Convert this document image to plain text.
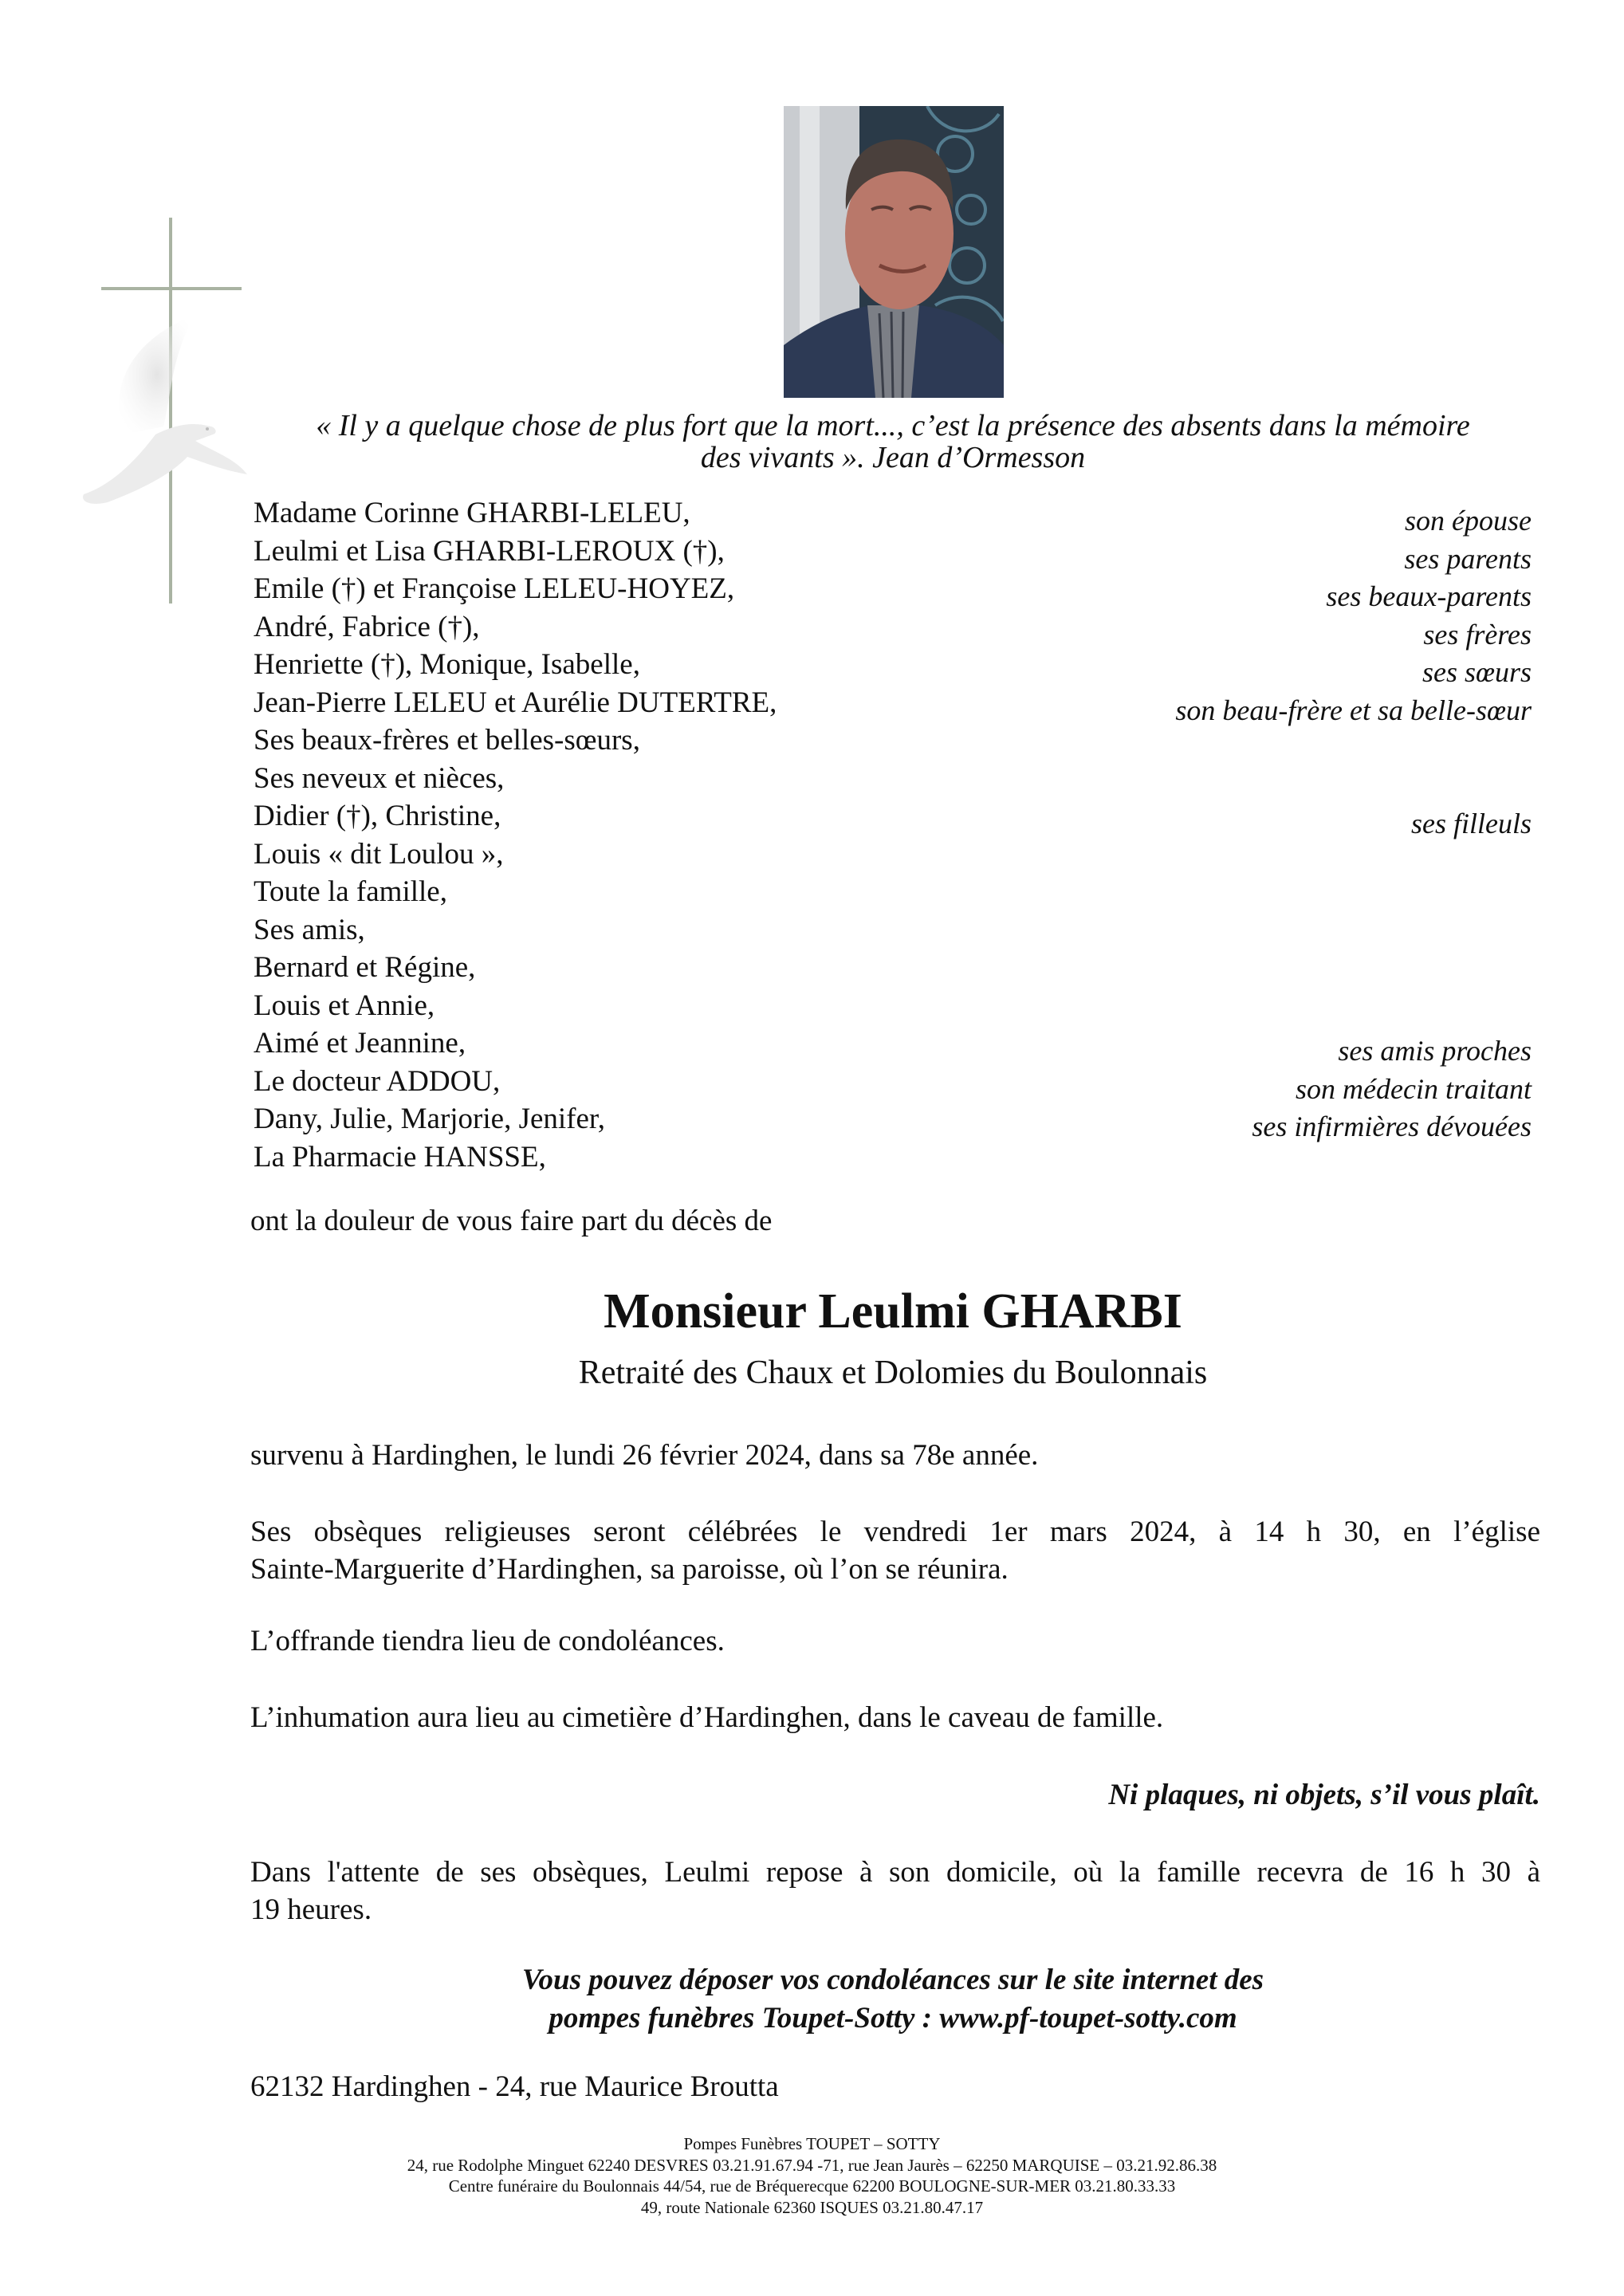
« Il y a quelque chose de plus fort que la mort..., c’est la présence des absents dans la mémoire
des vivants ». Jean d’Ormesson
Madame Corinne GHARBI-LELEU,
Leulmi et Lisa GHARBI-LEROUX (†),
Emile (†) et Françoise LELEU-HOYEZ,
André, Fabrice (†),
Henriette (†), Monique, Isabelle,
Jean-Pierre LELEU et Aurélie DUTERTRE,
Ses beaux-frères et belles-sœurs,
Ses neveux et nièces,
Didier (†), Christine,
Louis « dit Loulou »,
Toute la famille,
Ses amis,
Bernard et Régine,
Louis et Annie,
Aimé et Jeannine,
Le docteur ADDOU,
Dany, Julie, Marjorie, Jenifer,
La Pharmacie HANSSE,
son épouse
ses parents
ses beaux-parents
ses frères
ses sœurs
son beau-frère et sa belle-sœur
ses filleuls
ses amis proches
son médecin traitant
ses infirmières dévouées
ont la douleur de vous faire part du décès de
Monsieur Leulmi GHARBI
Retraité des Chaux et Dolomies du Boulonnais
survenu à Hardinghen, le lundi 26 février 2024, dans sa 78e année.
Ses obsèques religieuses seront célébrées le vendredi 1er mars 2024, à 14 h 30, en l’église
Sainte-Marguerite d’Hardinghen, sa paroisse, où l’on se réunira.
L’offrande tiendra lieu de condoléances.
L’inhumation aura lieu au cimetière d’Hardinghen, dans le caveau de famille.
Ni plaques, ni objets, s’il vous plaît.
Dans l'attente de ses obsèques, Leulmi repose à son domicile, où la famille recevra de 16 h 30 à
19 heures.
Vous pouvez déposer vos condoléances sur le site internet des
pompes funèbres Toupet-Sotty : www.pf-toupet-sotty.com
62132 Hardinghen - 24, rue Maurice Broutta
Pompes Funèbres TOUPET – SOTTY
24, rue Rodolphe Minguet 62240 DESVRES 03.21.91.67.94 -71, rue Jean Jaurès – 62250 MARQUISE – 03.21.92.86.38
Centre funéraire du Boulonnais 44/54, rue de Bréquerecque 62200 BOULOGNE-SUR-MER 03.21.80.33.33
49, route Nationale 62360 ISQUES 03.21.80.47.17
